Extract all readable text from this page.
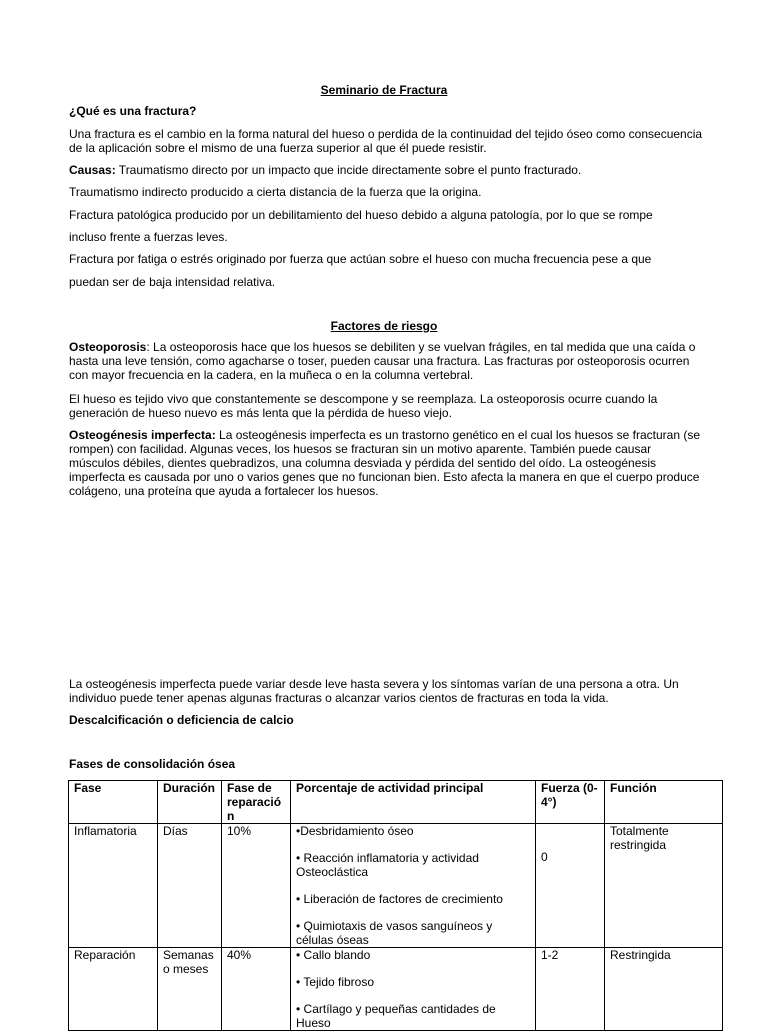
Seminario de Fractura
¿Qué es una fractura?
Una fractura es el cambio en la forma natural del hueso o perdida de la continuidad del tejido óseo como consecuencia de la aplicación sobre el mismo de una fuerza superior al que él puede resistir.
Causas: Traumatismo directo por un impacto que incide directamente sobre el punto fracturado.
Traumatismo indirecto producido a cierta distancia de la fuerza que la origina.
Fractura patológica producido por un debilitamiento del hueso debido a alguna patología, por lo que se rompe
incluso frente a fuerzas leves.
Fractura por fatiga o estrés originado por fuerza que actúan sobre el hueso con mucha frecuencia pese a que
puedan ser de baja intensidad relativa.
Factores de riesgo
Osteoporosis: La osteoporosis hace que los huesos se debiliten y se vuelvan frágiles, en tal medida que una caída o hasta una leve tensión, como agacharse o toser, pueden causar una fractura. Las fracturas por osteoporosis ocurren con mayor frecuencia en la cadera, en la muñeca o en la columna vertebral.
El hueso es tejido vivo que constantemente se descompone y se reemplaza. La osteoporosis ocurre cuando la generación de hueso nuevo es más lenta que la pérdida de hueso viejo.
Osteogénesis imperfecta: La osteogénesis imperfecta es un trastorno genético en el cual los huesos se fracturan (se rompen) con facilidad. Algunas veces, los huesos se fracturan sin un motivo aparente. También puede causar músculos débiles, dientes quebradizos, una columna desviada y pérdida del sentido del oído. La osteogénesis imperfecta es causada por uno o varios genes que no funcionan bien. Esto afecta la manera en que el cuerpo produce colágeno, una proteína que ayuda a fortalecer los huesos.
La osteogénesis imperfecta puede variar desde leve hasta severa y los síntomas varían de una persona a otra. Un individuo puede tener apenas algunas fracturas o alcanzar varios cientos de fracturas en toda la vida.
Descalcificación o deficiencia de calcio
Fases de consolidación ósea
Fase	Duración	Fase de reparació n	Porcentaje de actividad principal	Fuerza (0- 4°)	Función
Inflamatoria	Días	10%	•Desbridamiento óseo
• Reacción inflamatoria y actividad Osteoclástica
• Liberación de factores de crecimiento
• Quimiotaxis de vasos sanguíneos y células óseas	0	Totalmente restringida
Reparación	Semanas o meses	40%	• Callo blando
• Tejido fibroso
• Cartílago y pequeñas cantidades de Hueso	1-2	Restringida
